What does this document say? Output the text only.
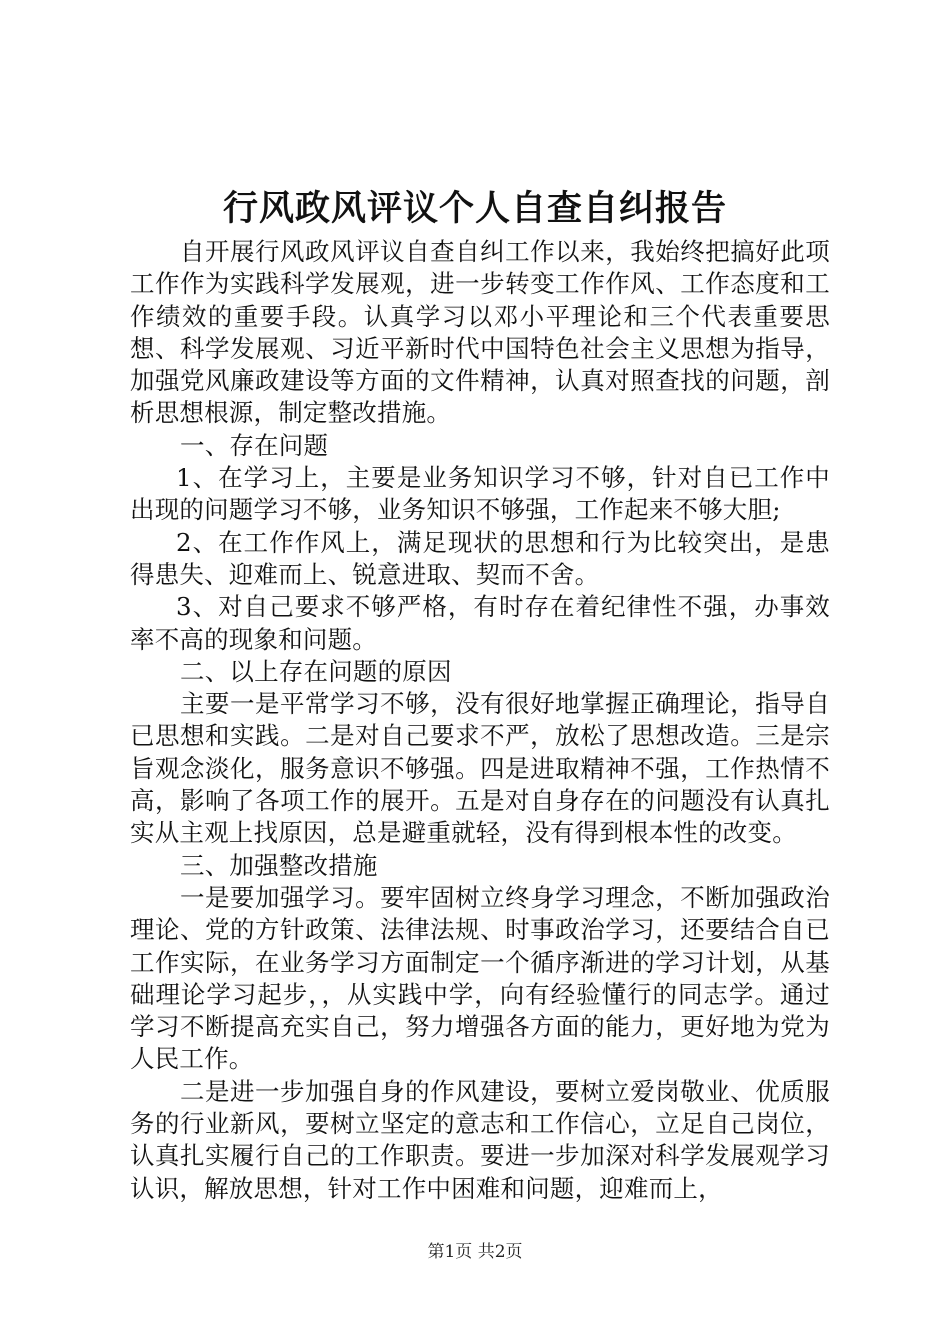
行风政风评议个人自查自纠报告

自开展行风政风评议自查自纠工作以来，我始终把搞好此项工作作为实践科学发展观，进一步转变工作作风、工作态度和工作绩效的重要手段。认真学习以邓小平理论和三个代表重要思想、科学发展观、习近平新时代中国特色社会主义思想为指导，加强党风廉政建设等方面的文件精神，认真对照查找的问题，剖析思想根源，制定整改措施。

一、存在问题

1、在学习上，主要是业务知识学习不够，针对自已工作中出现的问题学习不够，业务知识不够强，工作起来不够大胆;

2、在工作作风上，满足现状的思想和行为比较突出，是患得患失、迎难而上、锐意进取、契而不舍。

3、对自己要求不够严格，有时存在着纪律性不强，办事效率不高的现象和问题。

二、以上存在问题的原因

主要一是平常学习不够，没有很好地掌握正确理论，指导自已思想和实践。二是对自己要求不严，放松了思想改造。三是宗旨观念淡化，服务意识不够强。四是进取精神不强，工作热情不高，影响了各项工作的展开。五是对自身存在的问题没有认真扎实从主观上找原因，总是避重就轻，没有得到根本性的改变。

三、加强整改措施

一是要加强学习。要牢固树立终身学习理念，不断加强政治理论、党的方针政策、法律法规、时事政治学习，还要结合自已工作实际，在业务学习方面制定一个循序渐进的学习计划，从基础理论学习起步，，从实践中学，向有经验懂行的同志学。通过学习不断提高充实自己，努力增强各方面的能力，更好地为党为人民工作。

二是进一步加强自身的作风建设，要树立爱岗敬业、优质服务的行业新风，要树立坚定的意志和工作信心，立足自己岗位，认真扎实履行自己的工作职责。要进一步加深对科学发展观学习认识，解放思想，针对工作中困难和问题，迎难而上，

第1页 共2页
